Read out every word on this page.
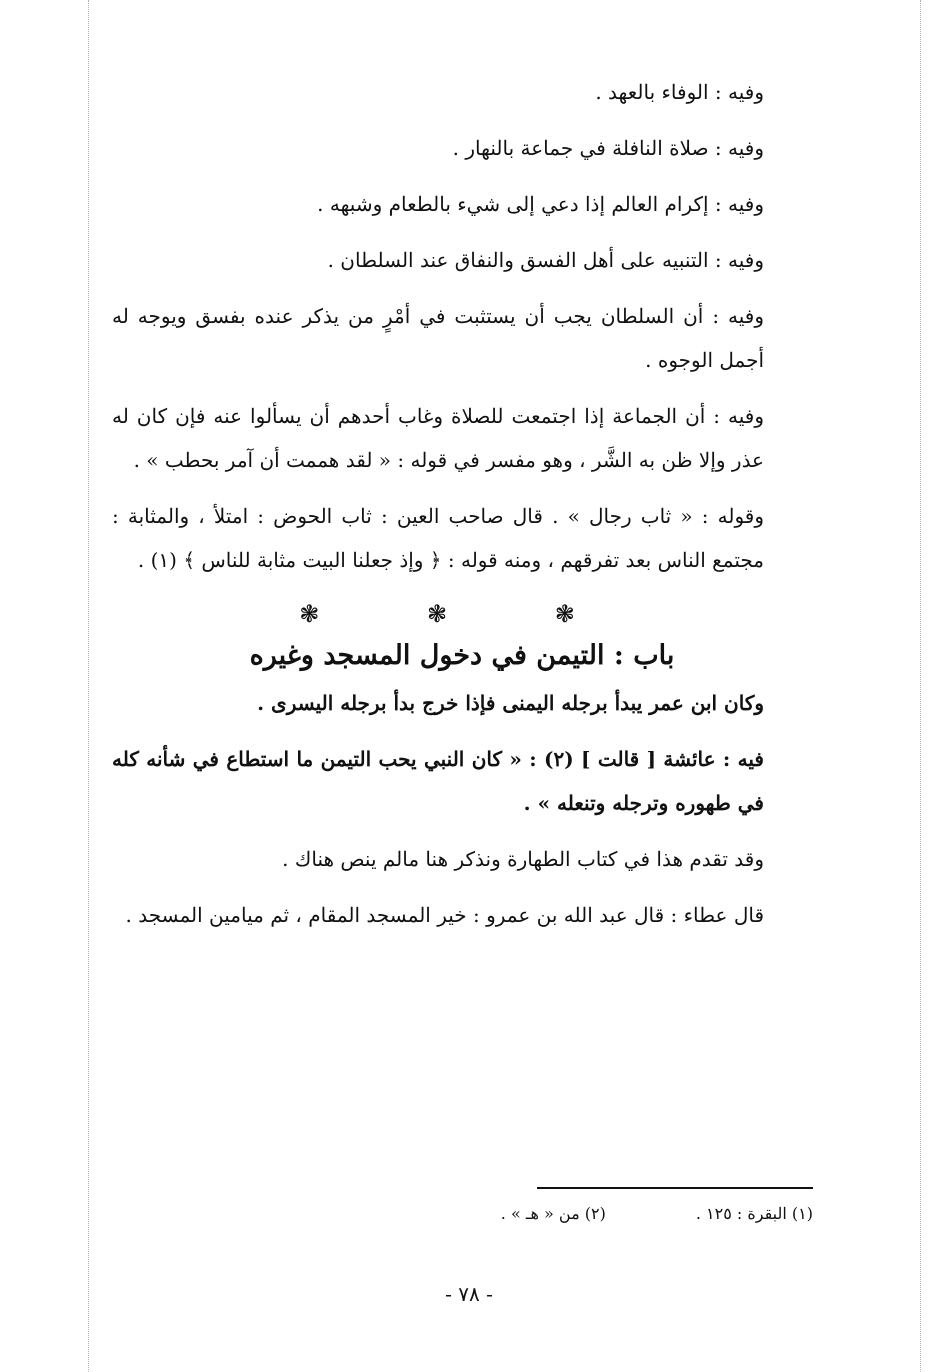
وفيه : الوفاء بالعهد .

وفيه : صلاة النافلة في جماعة بالنهار .

وفيه : إكرام العالم إذا دعي إلى شيء بالطعام وشبهه .

وفيه : التنبيه على أهل الفسق والنفاق عند السلطان .

وفيه : أن السلطان يجب أن يستثبت في أمْرٍ من يذكر عنده بفسق ويوجه له أجمل الوجوه .

وفيه : أن الجماعة إذا اجتمعت للصلاة وغاب أحدهم أن يسألوا عنه فإن كان له عذر وإلا ظن به الشَّر ، وهو مفسر في قوله : « لقد هممت أن آمر بحطب » .

وقوله : « ثاب رجال » . قال صاحب العين : ثاب الحوض : امتلأ ، والمثابة : مجتمع الناس بعد تفرقهم ، ومنه قوله : ﴿ وإذ جعلنا البيت مثابة للناس ﴾ (١) .

❃ ❃ ❃
باب : التيمن في دخول المسجد وغيره

وكان ابن عمر يبدأ برجله اليمنى فإذا خرج بدأ برجله اليسرى .

فيه : عائشة [ قالت ] (٢) : « كان النبي يحب التيمن ما استطاع في شأنه كله في طهوره وترجله وتنعله » .

وقد تقدم هذا في كتاب الطهارة ونذكر هنا مالم ينص هناك .

قال عطاء : قال عبد الله بن عمرو : خير المسجد المقام ، ثم ميامين المسجد .

(١) البقرة : ١٢٥ .
(٢) من « هـ » .
- ٧٨ -
